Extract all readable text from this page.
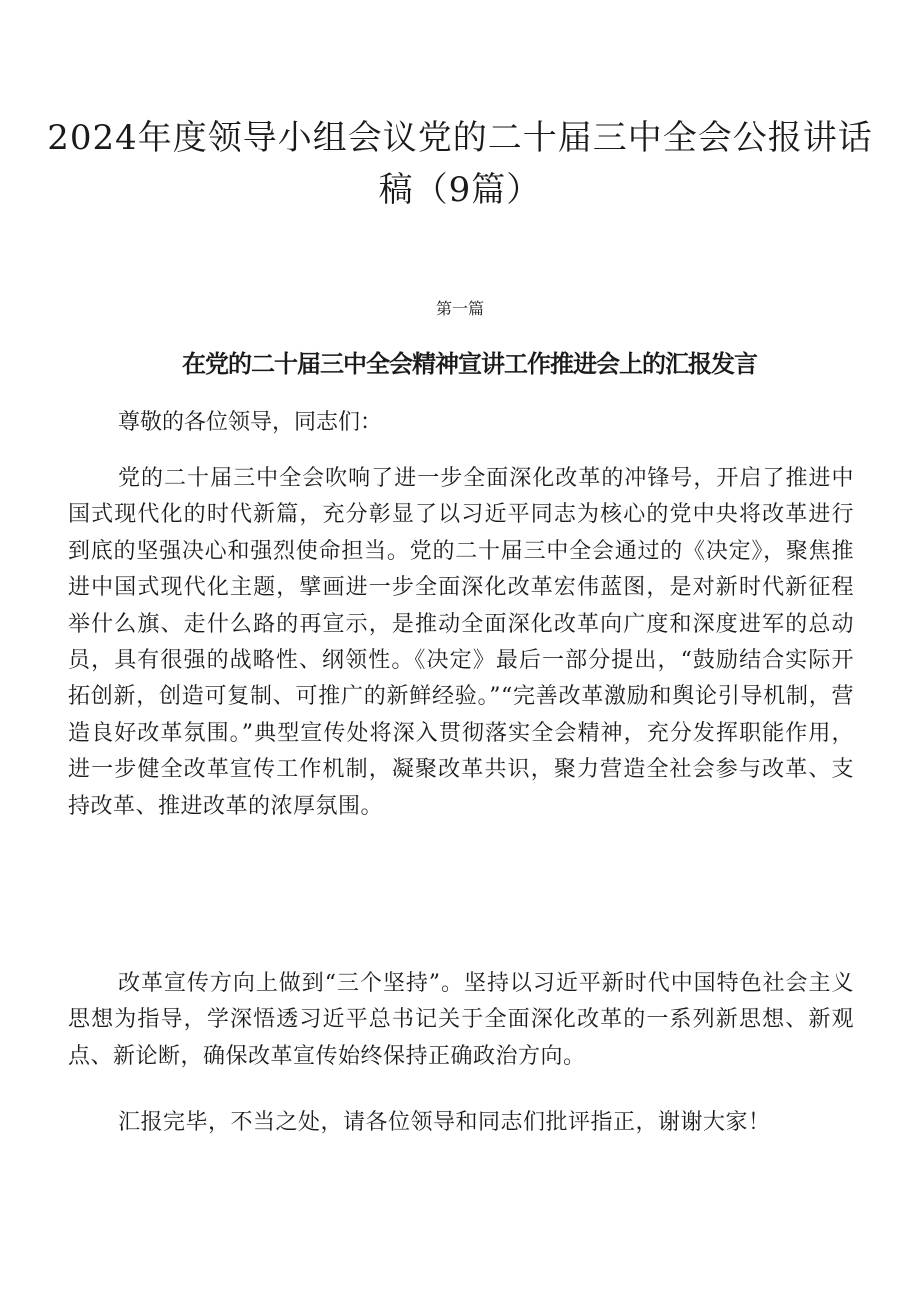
2024年度领导小组会议党的二十届三中全会公报讲话稿（9篇）

第一篇

在党的二十届三中全会精神宣讲工作推进会上的汇报发言

尊敬的各位领导，同志们：

党的二十届三中全会吹响了进一步全面深化改革的冲锋号，开启了推进中国式现代化的时代新篇，充分彰显了以习近平同志为核心的党中央将改革进行到底的坚强决心和强烈使命担当。党的二十届三中全会通过的《决定》，聚焦推进中国式现代化主题，擘画进一步全面深化改革宏伟蓝图，是对新时代新征程举什么旗、走什么路的再宣示，是推动全面深化改革向广度和深度进军的总动员，具有很强的战略性、纲领性。《决定》最后一部分提出，“鼓励结合实际开拓创新，创造可复制、可推广的新鲜经验。”“完善改革激励和舆论引导机制，营造良好改革氛围。”典型宣传处将深入贯彻落实全会精神，充分发挥职能作用，进一步健全改革宣传工作机制，凝聚改革共识，聚力营造全社会参与改革、支持改革、推进改革的浓厚氛围。

改革宣传方向上做到“三个坚持”。坚持以习近平新时代中国特色社会主义思想为指导，学深悟透习近平总书记关于全面深化改革的一系列新思想、新观点、新论断，确保改革宣传始终保持正确政治方向。

汇报完毕，不当之处，请各位领导和同志们批评指正，谢谢大家！
